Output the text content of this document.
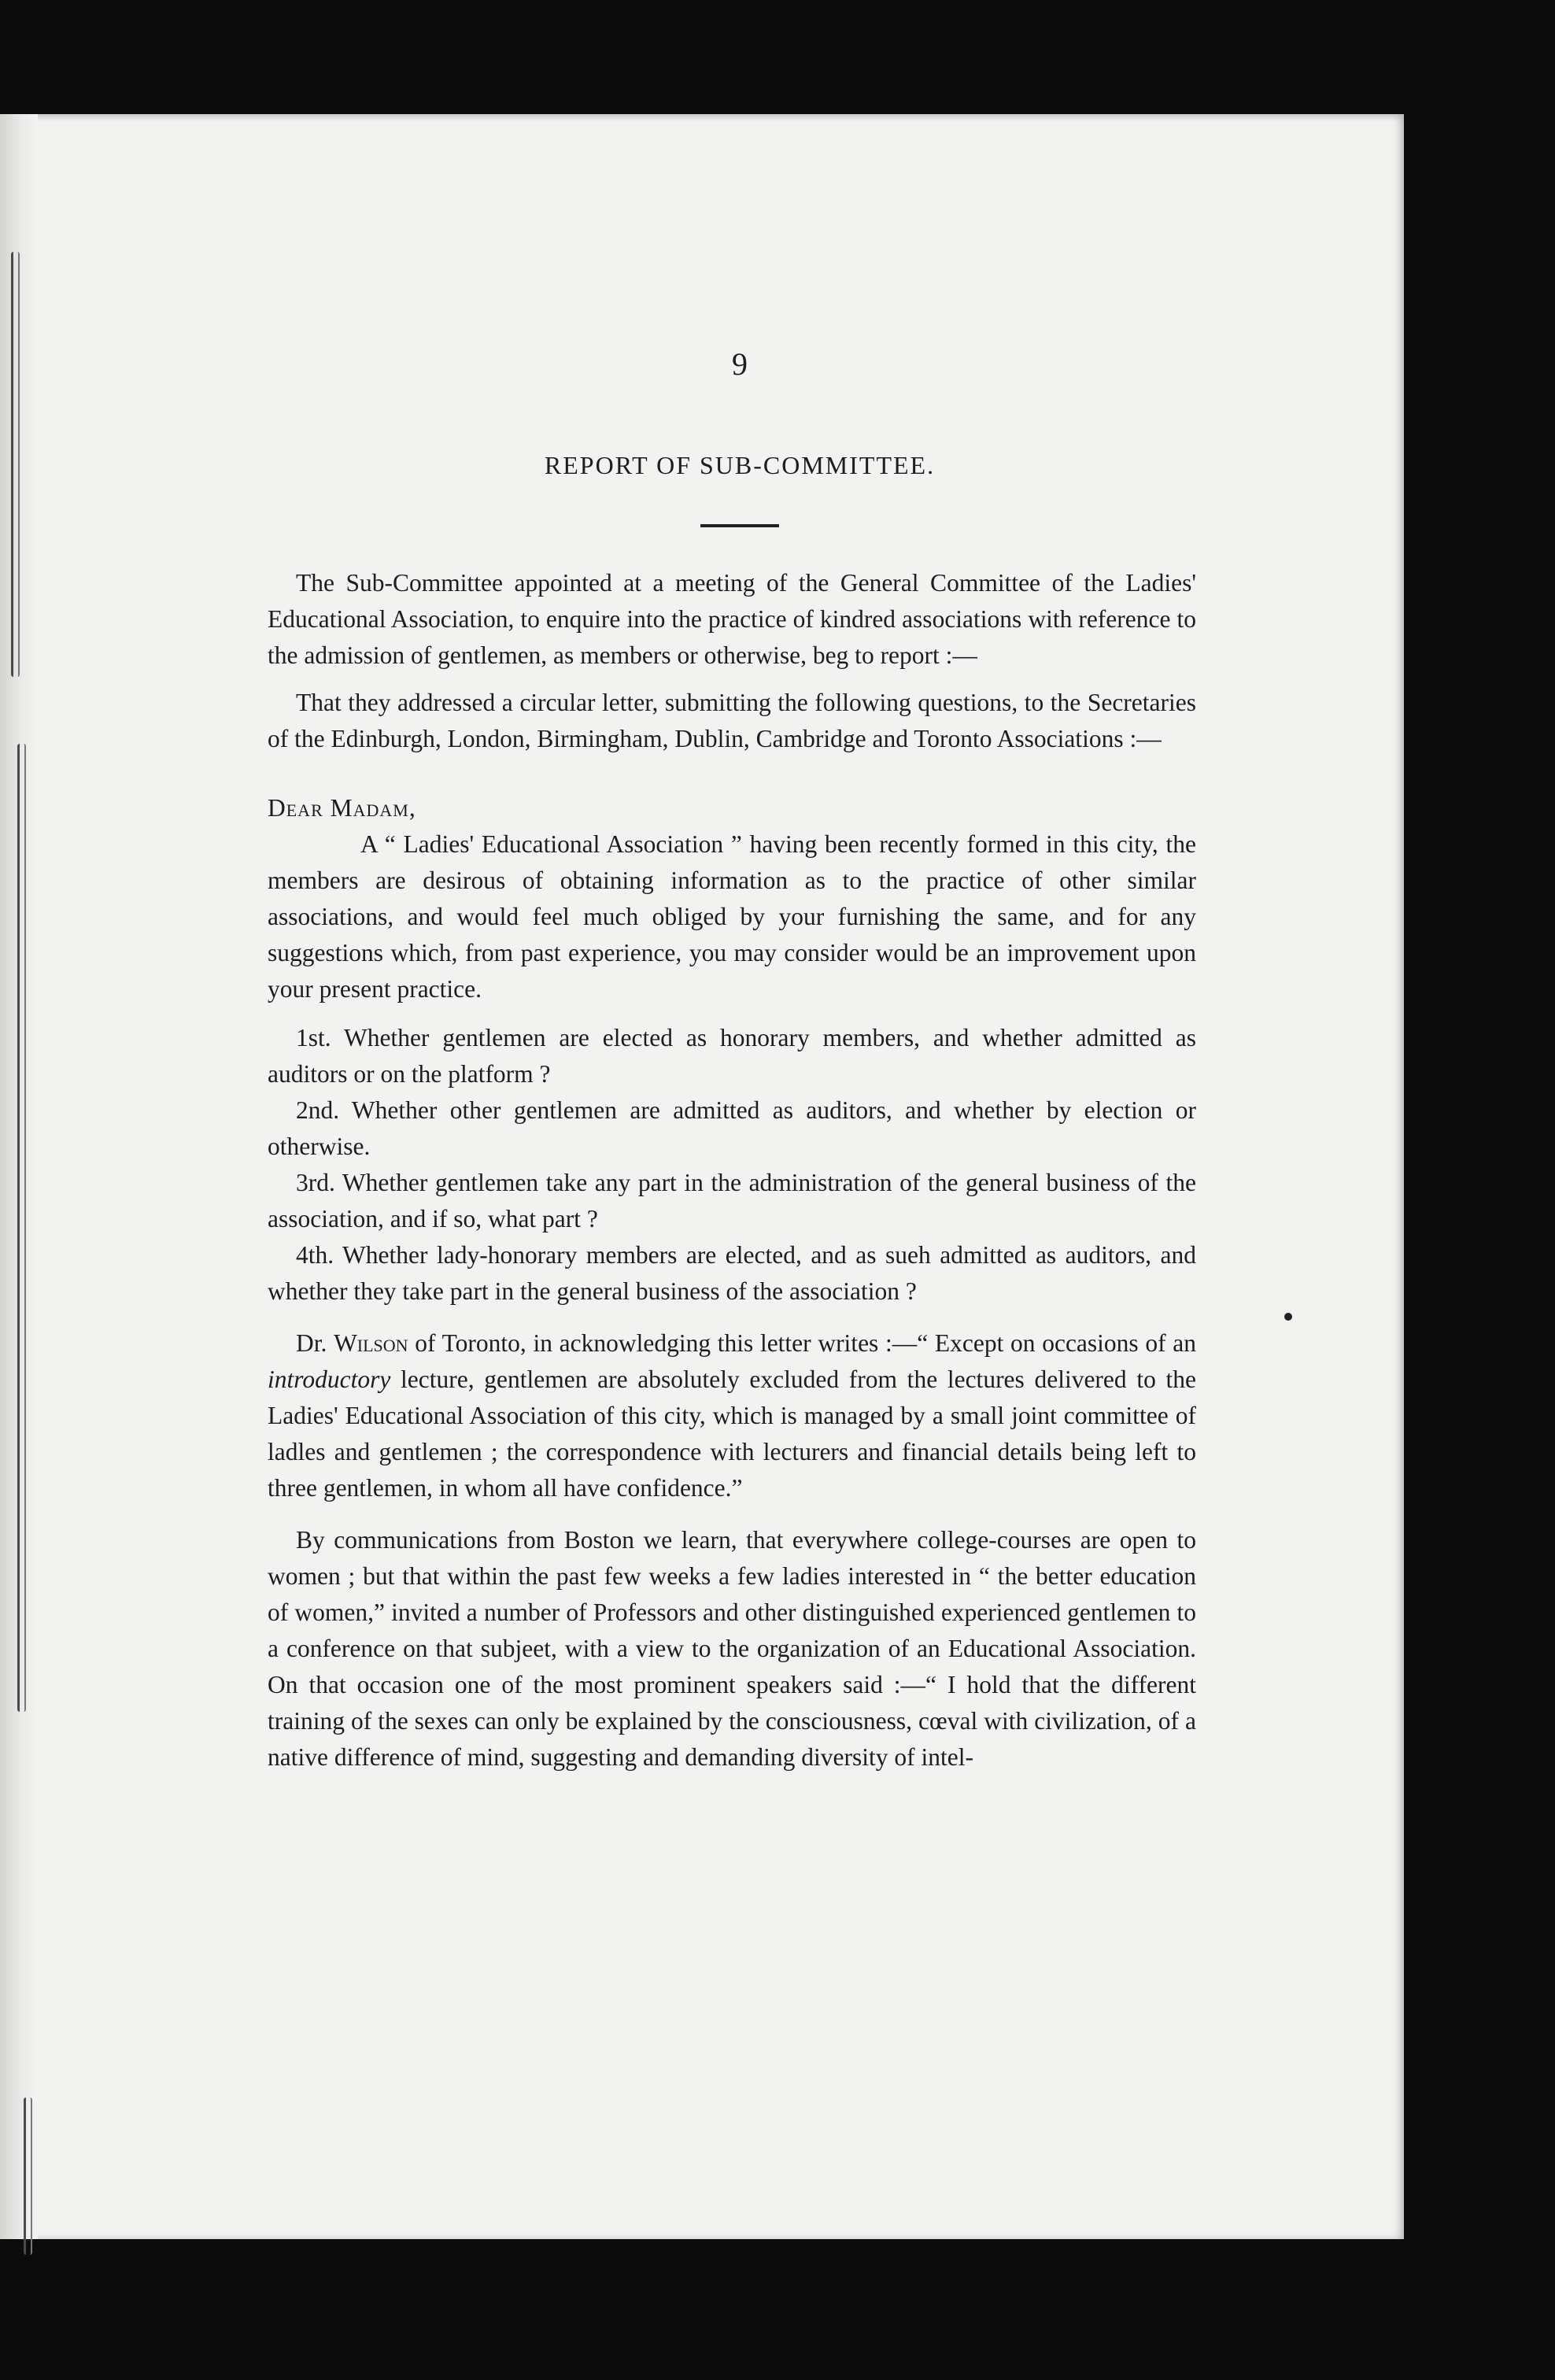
9
REPORT OF SUB-COMMITTEE.

The Sub-Committee appointed at a meeting of the General Committee of the Ladies' Educational Association, to enquire into the practice of kindred associations with reference to the admission of gentlemen, as members or otherwise, beg to report :—

That they addressed a circular letter, submitting the following questions, to the Secretaries of the Edinburgh, London, Birmingham, Dublin, Cambridge and Toronto Associations :—

Dear Madam,

A “ Ladies' Educational Association ” having been recently formed in this city, the members are desirous of obtaining information as to the practice of other similar associations, and would feel much obliged by your furnishing the same, and for any suggestions which, from past experience, you may consider would be an improvement upon your present practice.

1st. Whether gentlemen are elected as honorary members, and whether admitted as auditors or on the platform ?

2nd. Whether other gentlemen are admitted as auditors, and whether by election or otherwise.

3rd. Whether gentlemen take any part in the administration of the general business of the association, and if so, what part ?

4th. Whether lady-honorary members are elected, and as sueh admitted as auditors, and whether they take part in the general business of the association ?

Dr. Wilson of Toronto, in acknowledging this letter writes :—“ Except on occasions of an introductory lecture, gentlemen are absolutely excluded from the lectures delivered to the Ladies' Educational Association of this city, which is managed by a small joint committee of ladles and gentlemen ; the correspondence with lecturers and financial details being left to three gentlemen, in whom all have confidence.”

By communications from Boston we learn, that everywhere college-courses are open to women ; but that within the past few weeks a few ladies interested in “ the better education of women,” invited a number of Professors and other distinguished experienced gentlemen to a conference on that subjeet, with a view to the organization of an Educational Association. On that occasion one of the most prominent speakers said :—“ I hold that the different training of the sexes can only be explained by the consciousness, cœval with civilization, of a native difference of mind, suggesting and demanding diversity of intel-
